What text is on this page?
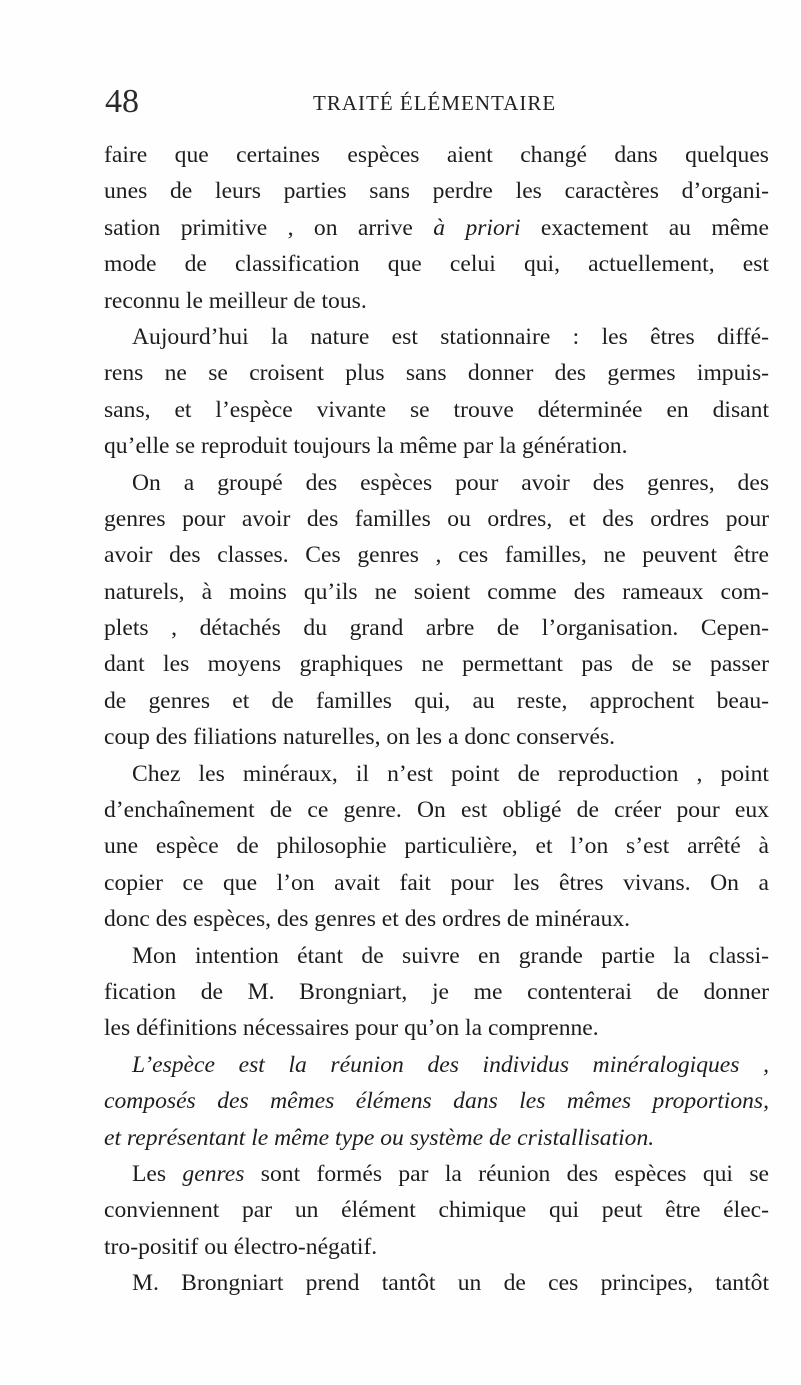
48	TRAITÉ ÉLÉMENTAIRE
faire que certaines espèces aient changé dans quelques
unes de leurs parties sans perdre les caractères d’organi-
sation primitive , on arrive à priori exactement au même
mode de classification que celui qui, actuellement, est
reconnu le meilleur de tous.
Aujourd’hui la nature est stationnaire : les êtres diffé-
rens ne se croisent plus sans donner des germes impuis-
sans, et l’espèce vivante se trouve déterminée en disant
qu’elle se reproduit toujours la même par la génération.
On a groupé des espèces pour avoir des genres, des
genres pour avoir des familles ou ordres, et des ordres pour
avoir des classes. Ces genres , ces familles, ne peuvent être
naturels, à moins qu’ils ne soient comme des rameaux com-
plets , détachés du grand arbre de l’organisation. Cepen-
dant les moyens graphiques ne permettant pas de se passer
de genres et de familles qui, au reste, approchent beau-
coup des filiations naturelles, on les a donc conservés.
Chez les minéraux, il n’est point de reproduction , point
d’enchaînement de ce genre. On est obligé de créer pour eux
une espèce de philosophie particulière, et l’on s’est arrêté à
copier ce que l’on avait fait pour les êtres vivans. On a
donc des espèces, des genres et des ordres de minéraux.
Mon intention étant de suivre en grande partie la classi-
fication de M. Brongniart, je me contenterai de donner
les définitions nécessaires pour qu’on la comprenne.
L’espèce est la réunion des individus minéralogiques ,
composés des mêmes élémens dans les mêmes proportions,
et représentant le même type ou système de cristallisation.
Les genres sont formés par la réunion des espèces qui se
conviennent par un élément chimique qui peut être élec-
tro-positif ou électro-négatif.
M. Brongniart prend tantôt un de ces principes, tantôt
